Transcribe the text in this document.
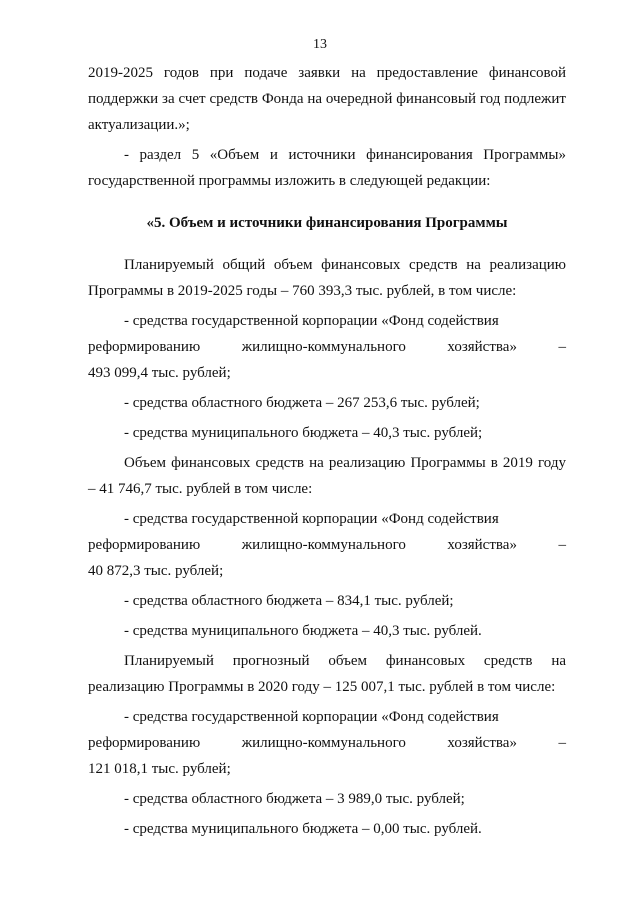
13

2019-2025 годов при подаче заявки на предоставление финансовой поддержки за счет средств Фонда на очередной финансовый год подлежит актуализации.»;

- раздел 5 «Объем и источники финансирования Программы» государственной программы изложить в следующей редакции:

«5. Объем и источники финансирования Программы

Планируемый общий объем финансовых средств на реализацию Программы в 2019-2025 годы – 760 393,3 тыс. рублей, в том числе:

- средства государственной корпорации «Фонд содействия

реформированию	жилищно-коммунального	хозяйства»	–

493 099,4 тыс. рублей;

- средства областного бюджета – 267 253,6 тыс. рублей;

- средства муниципального бюджета – 40,3 тыс. рублей;

Объем финансовых средств на реализацию Программы в 2019 году – 41 746,7 тыс. рублей в том числе:

- средства государственной корпорации «Фонд содействия

реформированию	жилищно-коммунального	хозяйства»	–

40 872,3 тыс. рублей;

- средства областного бюджета – 834,1 тыс. рублей;

- средства муниципального бюджета – 40,3 тыс. рублей.

Планируемый прогнозный объем финансовых средств на реализацию Программы в 2020 году – 125 007,1 тыс. рублей в том числе:

- средства государственной корпорации «Фонд содействия

реформированию	жилищно-коммунального	хозяйства»	–

121 018,1 тыс. рублей;

- средства областного бюджета – 3 989,0 тыс. рублей;

- средства муниципального бюджета – 0,00 тыс. рублей.
